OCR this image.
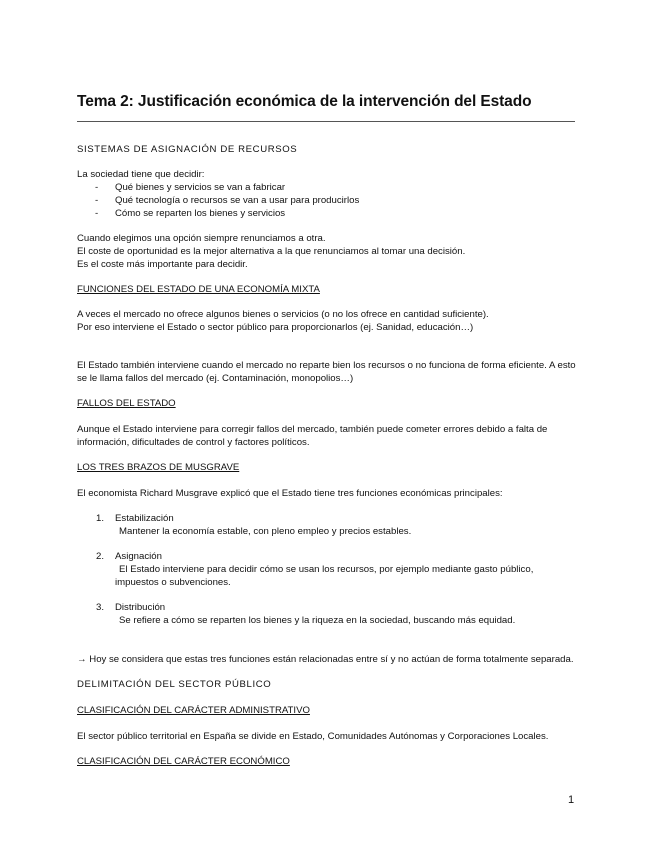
Tema 2: Justificación económica de la intervención del Estado

SISTEMAS DE ASIGNACIÓN DE RECURSOS

La sociedad tiene que decidir:

- Qué bienes y servicios se van a fabricar

- Qué tecnología o recursos se van a usar para producirlos

- Cómo se reparten los bienes y servicios

Cuando elegimos una opción siempre renunciamos a otra.

El coste de oportunidad es la mejor alternativa a la que renunciamos al tomar una decisión.

Es el coste más importante para decidir.

FUNCIONES DEL ESTADO DE UNA ECONOMÍA MIXTA

A veces el mercado no ofrece algunos bienes o servicios (o no los ofrece en cantidad suficiente).

Por eso interviene el Estado o sector público para proporcionarlos (ej. Sanidad, educación…)

El Estado también interviene cuando el mercado no reparte bien los recursos o no funciona de forma eficiente. A esto

se le llama fallos del mercado (ej. Contaminación, monopolios…)

FALLOS DEL ESTADO

Aunque el Estado interviene para corregir fallos del mercado, también puede cometer errores debido a falta de

información, dificultades de control y factores políticos.

LOS TRES BRAZOS DE MUSGRAVE

El economista Richard Musgrave explicó que el Estado tiene tres funciones económicas principales:

1. Estabilización

Mantener la economía estable, con pleno empleo y precios estables.

2. Asignación

El Estado interviene para decidir cómo se usan los recursos, por ejemplo mediante gasto público,

impuestos o subvenciones.

3. Distribución

Se refiere a cómo se reparten los bienes y la riqueza en la sociedad, buscando más equidad.

→ Hoy se considera que estas tres funciones están relacionadas entre sí y no actúan de forma totalmente separada.

DELIMITACIÓN DEL SECTOR PÚBLICO

CLASIFICACIÓN DEL CARÁCTER ADMINISTRATIVO

El sector público territorial en España se divide en Estado, Comunidades Autónomas y Corporaciones Locales.

CLASIFICACIÓN DEL CARÁCTER ECONÓMICO

1
